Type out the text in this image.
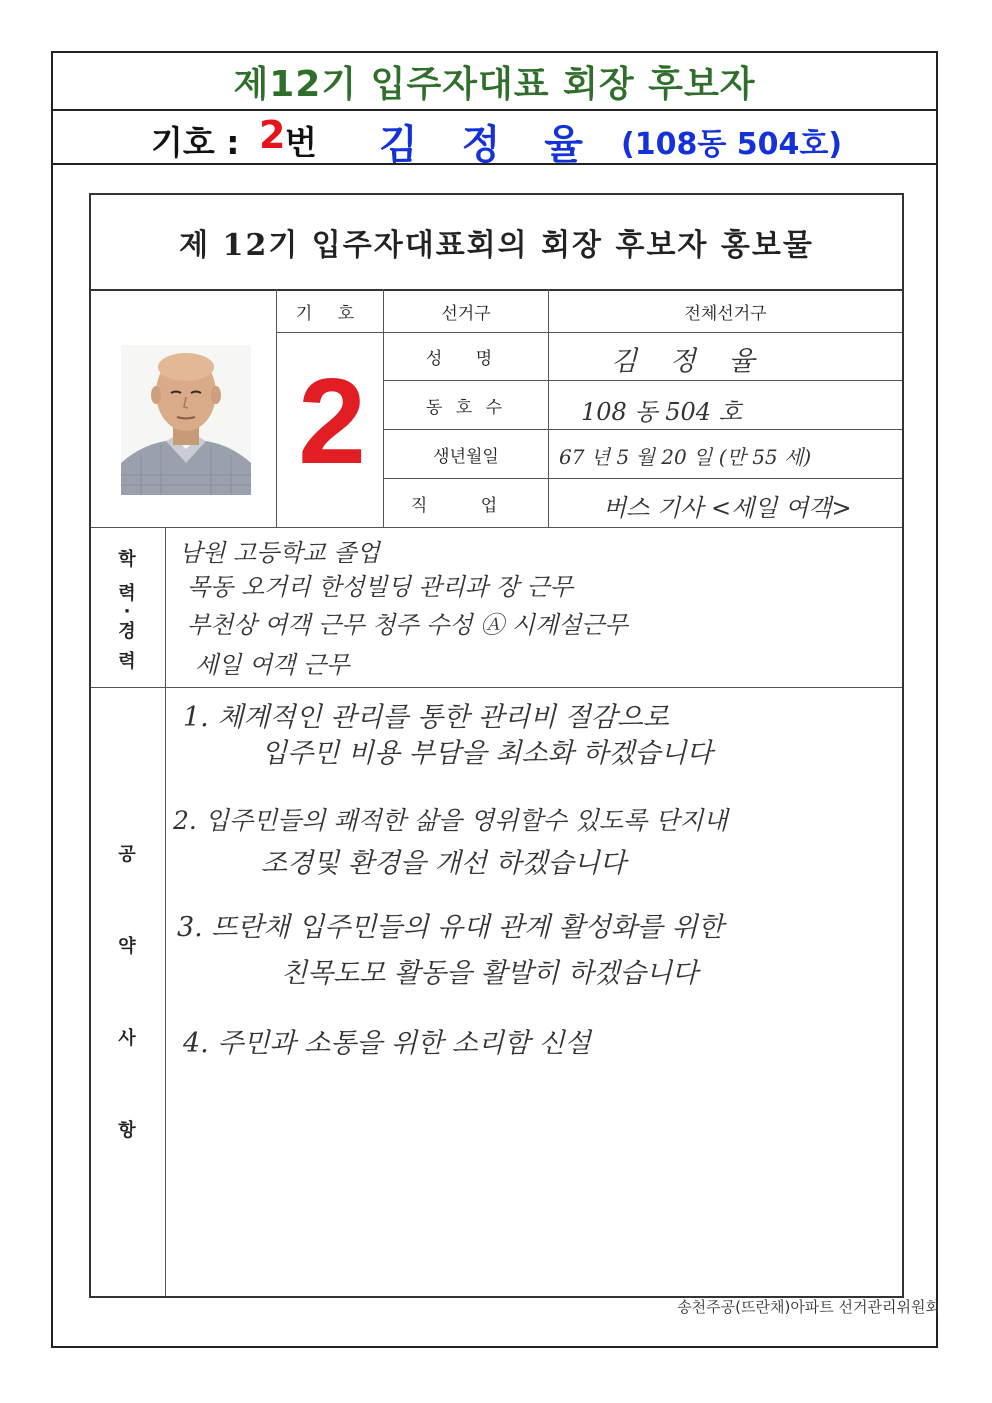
제12기 입주자대표 회장 후보자
기호 : 2 번 김정율
(108동 504호)
제 12기 입주자대표회의 회장 후보자 홍보물
기 호	선거구	전체선거구
2	성 명	김 정 율
동 호 수	108 동 504 호
생년월일	67 년 5 월 20 일 (만 55 세)
직 업	버스 기사 <세일 여객>
학
력
·
경
력
남원 고등학교 졸업
목동 오거리 한성빌딩 관리과 장 근무
부천상 여객 근무 청주 수성 Ⓐ 시계설근무
세일 여객 근무
공
약
사
항
1. 체계적인 관리를 통한 관리비 절감으로
입주민 비용 부담을 최소화 하겠습니다
2. 입주민들의 쾌적한 삶을 영위할수 있도록 단지내
조경및 환경을 개선 하겠습니다
3. 뜨란채 입주민들의 유대 관계 활성화를 위한
친목도모 활동을 활발히 하겠습니다
4. 주민과 소통을 위한 소리함 신설
송천주공(뜨란채)아파트 선거관리위원회
